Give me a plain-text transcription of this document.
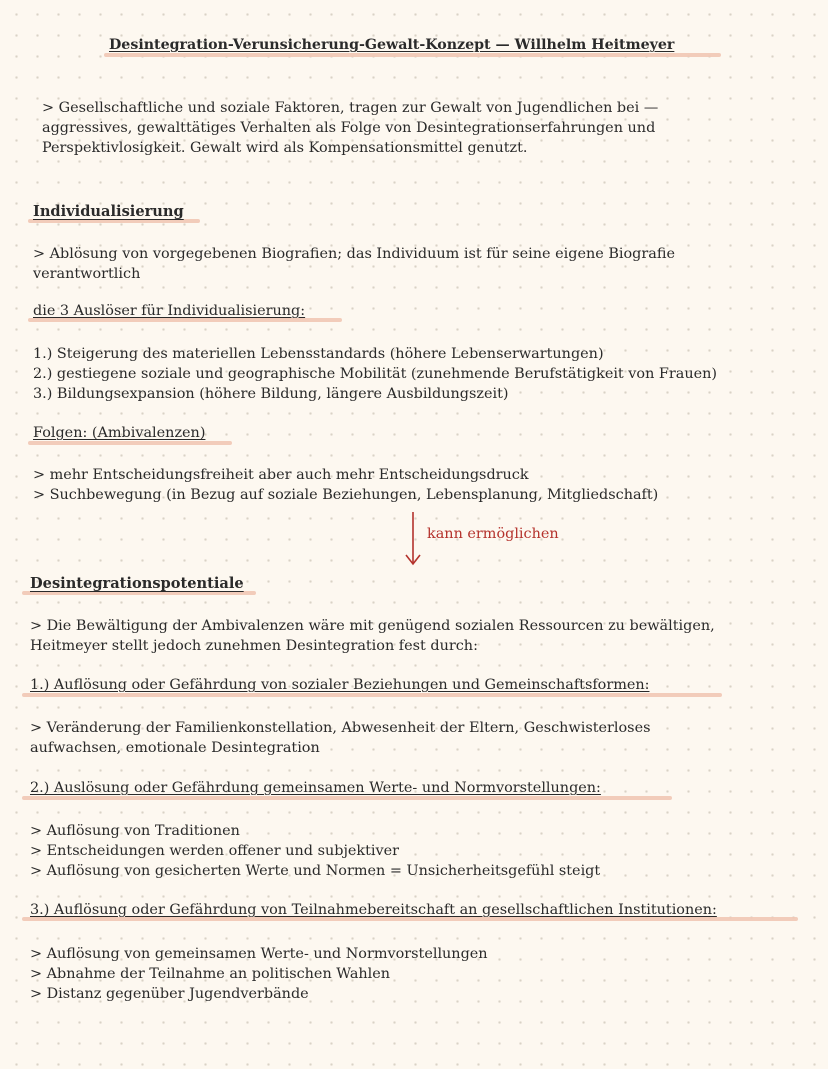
Desintegration-Verunsicherung-Gewalt-Konzept — Willhelm Heitmeyer
> Gesellschaftliche und soziale Faktoren, tragen zur Gewalt von Jugendlichen bei —
aggressives, gewalttätiges Verhalten als Folge von Desintegrationserfahrungen und
Perspektivlosigkeit. Gewalt wird als Kompensationsmittel genutzt.
Individualisierung
> Ablösung von vorgegebenen Biografien; das Individuum ist für seine eigene Biografie
verantwortlich
die 3 Auslöser für Individualisierung:
1.) Steigerung des materiellen Lebensstandards (höhere Lebenserwartungen)
2.) gestiegene soziale und geographische Mobilität (zunehmende Berufstätigkeit von Frauen)
3.) Bildungsexpansion (höhere Bildung, längere Ausbildungszeit)
Folgen: (Ambivalenzen)
> mehr Entscheidungsfreiheit aber auch mehr Entscheidungsdruck
> Suchbewegung (in Bezug auf soziale Beziehungen, Lebensplanung, Mitgliedschaft)
kann ermöglichen
Desintegrationspotentiale
> Die Bewältigung der Ambivalenzen wäre mit genügend sozialen Ressourcen zu bewältigen,
Heitmeyer stellt jedoch zunehmen Desintegration fest durch:
1.) Auflösung oder Gefährdung von sozialer Beziehungen und Gemeinschaftsformen:
> Veränderung der Familienkonstellation, Abwesenheit der Eltern, Geschwisterloses
aufwachsen, emotionale Desintegration
2.) Auslösung oder Gefährdung gemeinsamen Werte- und Normvorstellungen:
> Auflösung von Traditionen
> Entscheidungen werden offener und subjektiver
> Auflösung von gesicherten Werte und Normen = Unsicherheitsgefühl steigt
3.) Auflösung oder Gefährdung von Teilnahmebereitschaft an gesellschaftlichen Institutionen:
> Auflösung von gemeinsamen Werte- und Normvorstellungen
> Abnahme der Teilnahme an politischen Wahlen
> Distanz gegenüber Jugendverbände
